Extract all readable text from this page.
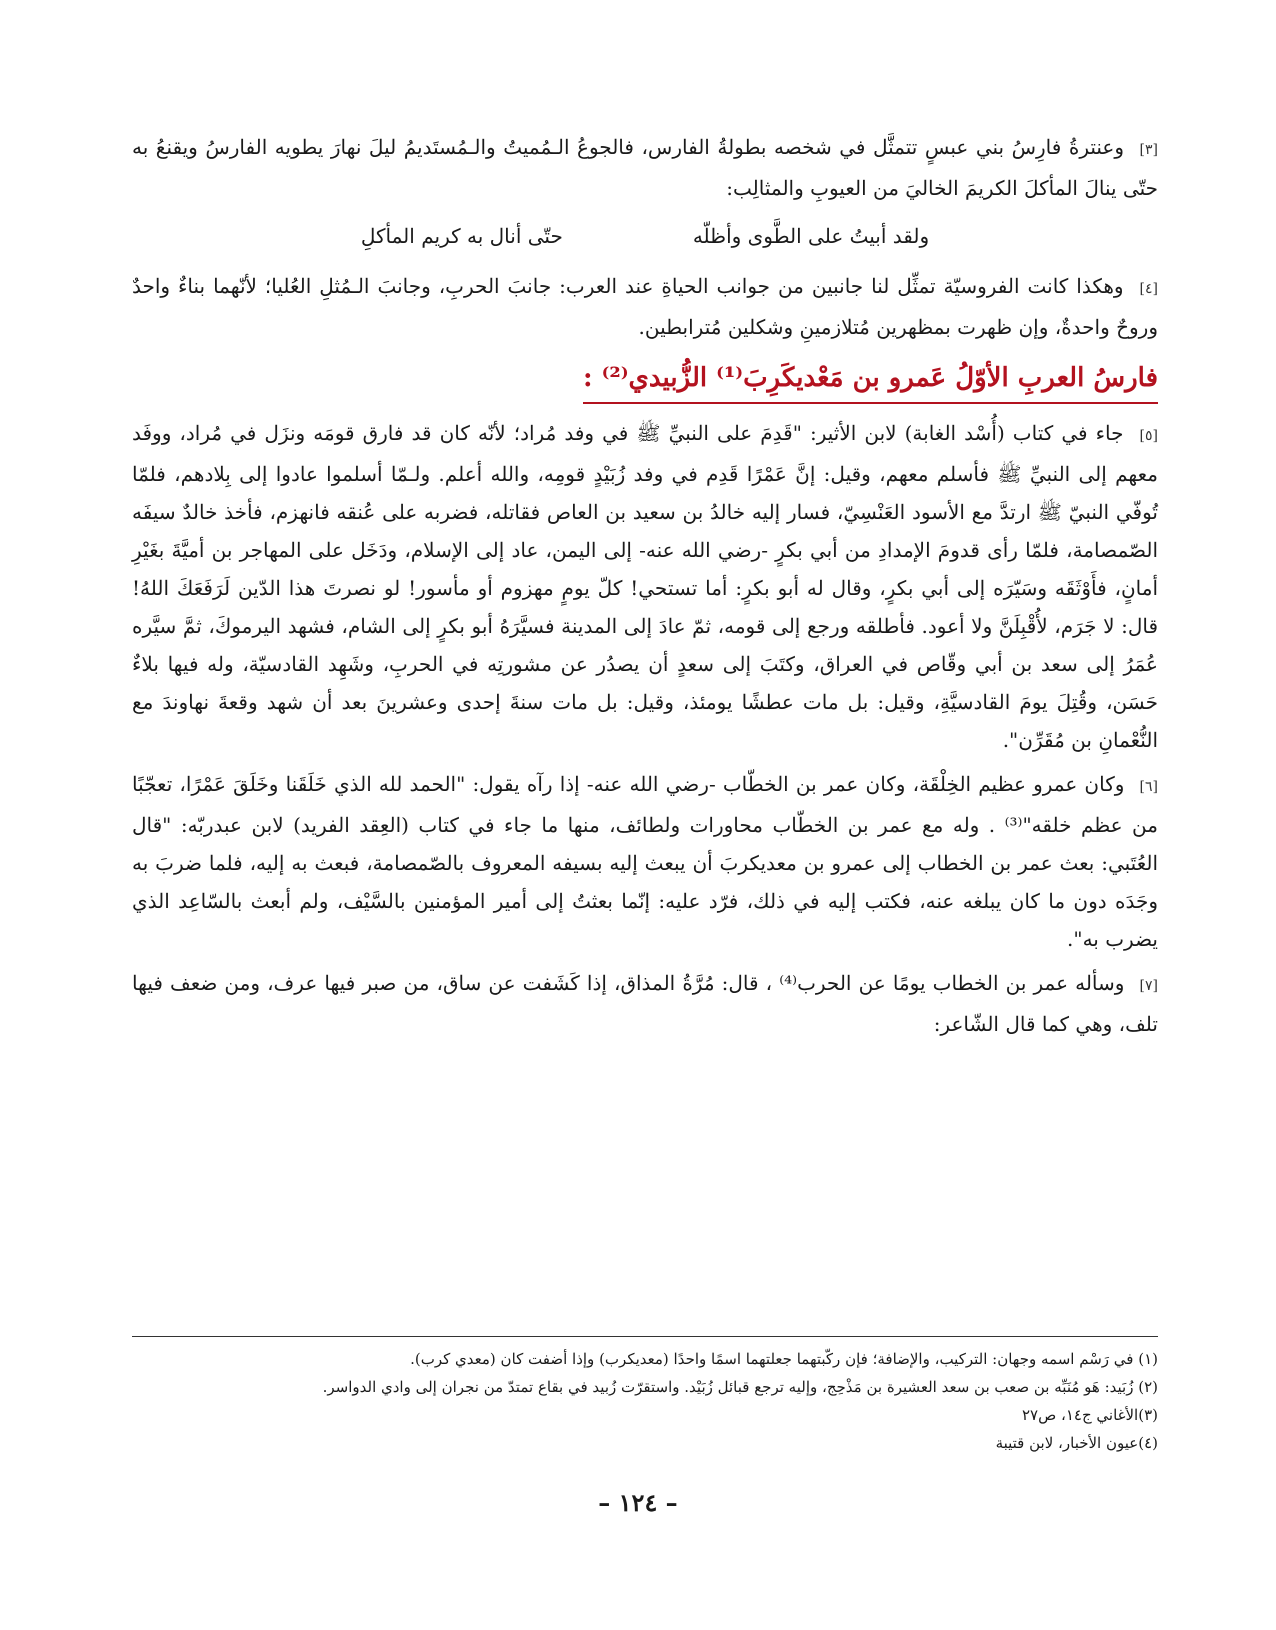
[٣] وعنترةُ فارِسُ بني عبسٍ تتمثَّل في شخصه بطولةُ الفارس، فالجوعُ الـمُميتُ والـمُستَديمُ ليلَ نهارَ يطويه الفارسُ ويقنعُ به حتّى ينالَ المأكلَ الكريمَ الخاليَ من العيوبِ والمثالِب:

ولقد أبيتُ على الطَّوى وأظلّه
حتّى أنال به كريم المأكلِ

[٤] وهكذا كانت الفروسيّة تمثِّل لنا جانبين من جوانب الحياةِ عند العرب: جانبَ الحربِ، وجانبَ الـمُثلِ العُليا؛ لأنّهما بناءٌ واحدٌ وروحٌ واحدةٌ، وإن ظهرت بمظهرين مُتلازمينِ وشكلين مُترابطين.

فارسُ العربِ الأوّلُ عَمرو بن مَعْديكَرِبَ⁽¹⁾ الزُّبيدي⁽²⁾ :

[٥] جاء في كتاب (أُسْد الغابة) لابن الأثير: "قَدِمَ على النبيِّ ﷺ في وفد مُراد؛ لأنّه كان قد فارق قومَه ونزَل في مُراد، ووفَد معهم إلى النبيِّ ﷺ فأسلم معهم، وقيل: إنَّ عَمْرًا قَدِم في وفد زُبَيْدٍ قومِه، والله أعلم. ولـمّا أسلموا عادوا إلى بِلادهم، فلمّا تُوفّي النبيّ ﷺ ارتدَّ مع الأسود العَنْسِيّ، فسار إليه خالدُ بن سعيد بن العاص فقاتله، فضربه على عُنقه فانهزم، فأخذ خالدٌ سيفَه الصّمصامة، فلمّا رأى قدومَ الإمدادِ من أبي بكرٍ -رضي الله عنه- إلى اليمن، عاد إلى الإسلام، ودَخَل على المهاجر بن أميَّةَ بغَيْرِ أمانٍ، فأَوْثَقَه وسَيّرَه إلى أبي بكرٍ، وقال له أبو بكرٍ: أما تستحي! كلّ يومٍ مهزوم أو مأسور! لو نصرتَ هذا الدّين لَرَفَعَكَ اللهُ! قال: لا جَرَم، لأُقْبِلَنَّ ولا أعود. فأطلقه ورجع إلى قومه، ثمّ عادَ إلى المدينة فسيَّرَهُ أبو بكرٍ إلى الشام، فشهد اليرموكَ، ثمَّ سيَّره عُمَرُ إلى سعد بن أبي وقّاص في العراق، وكتَبَ إلى سعدٍ أن يصدُر عن مشورتِه في الحربِ، وشَهِد القادسيّة، وله فيها بلاءٌ حَسَن، وقُتِلَ يومَ القادسيَّةِ، وقيل: بل مات عطشًا يومئذ، وقيل: بل مات سنةَ إحدى وعشرينَ بعد أن شهد وقعةَ نهاوندَ مع النُّعْمانِ بن مُقَرِّن".

[٦] وكان عمرو عظيم الخِلْقَة، وكان عمر بن الخطّاب -رضي الله عنه- إذا رآه يقول: "الحمد لله الذي خَلَقَنا وخَلَقَ عَمْرًا، تعجّبًا من عظم خلقه"⁽³⁾ . وله مع عمر بن الخطّاب محاورات ولطائف، منها ما جاء في كتاب (العِقد الفريد) لابن عبدربّه: "قال العُتَبي: بعث عمر بن الخطاب إلى عمرو بن معديكربَ أن يبعث إليه بسيفه المعروف بالصّمصامة، فبعث به إليه، فلما ضربَ به وجَدَه دون ما كان يبلغه عنه، فكتب إليه في ذلك، فرّد عليه: إنّما بعثتُ إلى أمير المؤمنين بالسَّيْف، ولم أبعث بالسّاعِد الذي يضرب به".

[٧] وسأله عمر بن الخطاب يومًا عن الحرب⁽⁴⁾ ، قال: مُرَّةُ المذاق، إذا كَشَفت عن ساق، من صبر فيها عرف، ومن ضعف فيها تلف، وهي كما قال الشّاعر:

(١) في رَسْم اسمه وجهان: التركيب، والإضافة؛ فإن ركّبتهما جعلتهما اسمًا واحدًا (معديكرب) وإذا أضفت كان (معدي كرب).

(٢) زُبَيد: هَو مُنَبِّه بن صعب بن سعد العشيرة بن مَذْحِج، وإليه ترجع قبائل زُبَيْد. واستقرّت زُبيد في بقاع تمتدّ من نجران إلى وادي الدواسر.

(٣)الأغاني ج١٤، ص٢٧

(٤)عيون الأخبار، لابن قتيبة

– ١٢٤ –
